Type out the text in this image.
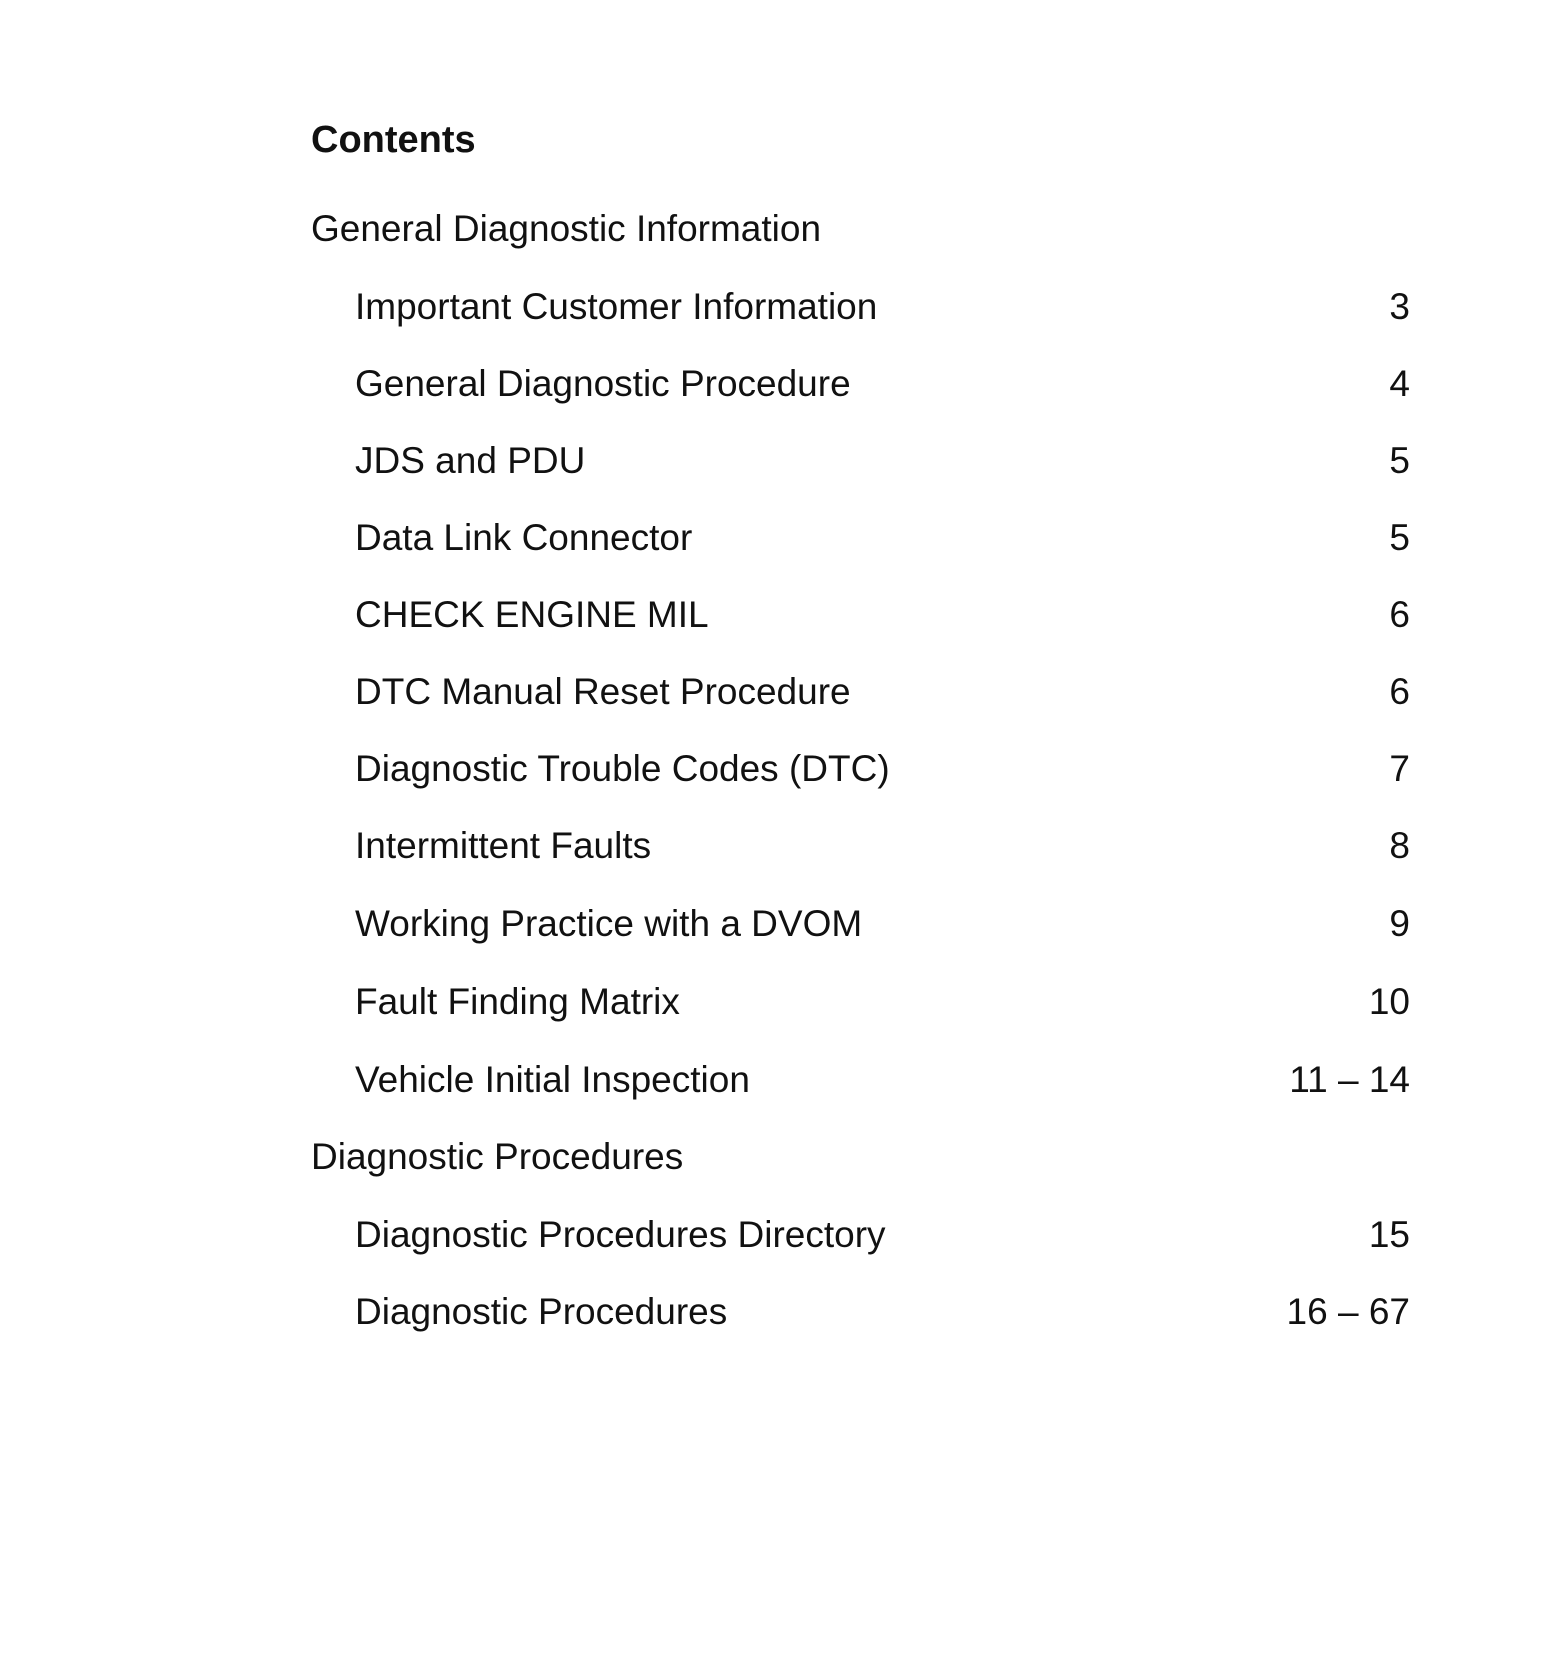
Contents
General Diagnostic Information
Important Customer Information	3
General Diagnostic Procedure	4
JDS and PDU	5
Data Link Connector	5
CHECK ENGINE MIL	6
DTC Manual Reset Procedure	6
Diagnostic Trouble Codes (DTC)	7
Intermittent Faults	8
Working Practice with a DVOM	9
Fault Finding Matrix	10
Vehicle Initial Inspection	11 – 14
Diagnostic Procedures
Diagnostic Procedures Directory	15
Diagnostic Procedures	16 – 67
